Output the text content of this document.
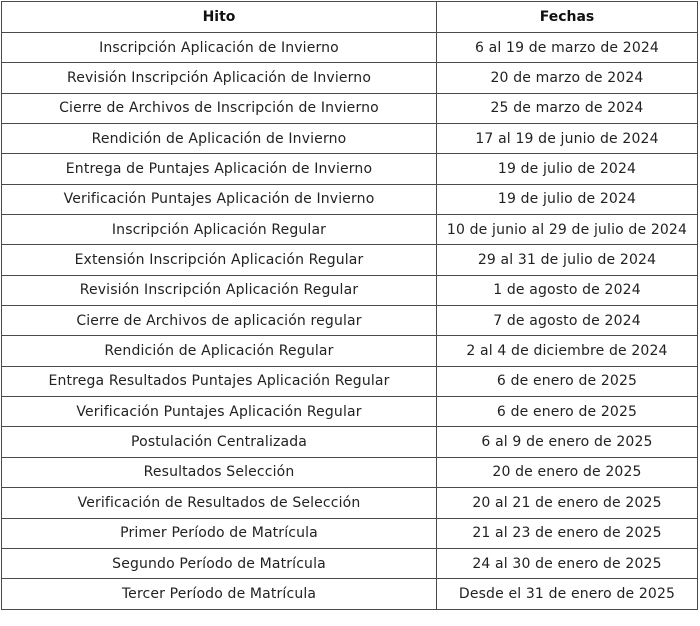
Hito	Fechas
Inscripción Aplicación de Invierno	6 al 19 de marzo de 2024
Revisión Inscripción Aplicación de Invierno	20 de marzo de 2024
Cierre de Archivos de Inscripción de Invierno	25 de marzo de 2024
Rendición de Aplicación de Invierno	17 al 19 de junio de 2024
Entrega de Puntajes Aplicación de Invierno	19 de julio de 2024
Verificación Puntajes Aplicación de Invierno	19 de julio de 2024
Inscripción Aplicación Regular	10 de junio al 29 de julio de 2024
Extensión Inscripción Aplicación Regular	29 al 31 de julio de 2024
Revisión Inscripción Aplicación Regular	1 de agosto de 2024
Cierre de Archivos de aplicación regular	7 de agosto de 2024
Rendición de Aplicación Regular	2 al 4 de diciembre de 2024
Entrega Resultados Puntajes Aplicación Regular	6 de enero de 2025
Verificación Puntajes Aplicación Regular	6 de enero de 2025
Postulación Centralizada	6 al 9 de enero de 2025
Resultados Selección	20 de enero de 2025
Verificación de Resultados de Selección	20 al 21 de enero de 2025
Primer Período de Matrícula	21 al 23 de enero de 2025
Segundo Período de Matrícula	24 al 30 de enero de 2025
Tercer Período de Matrícula	Desde el 31 de enero de 2025
